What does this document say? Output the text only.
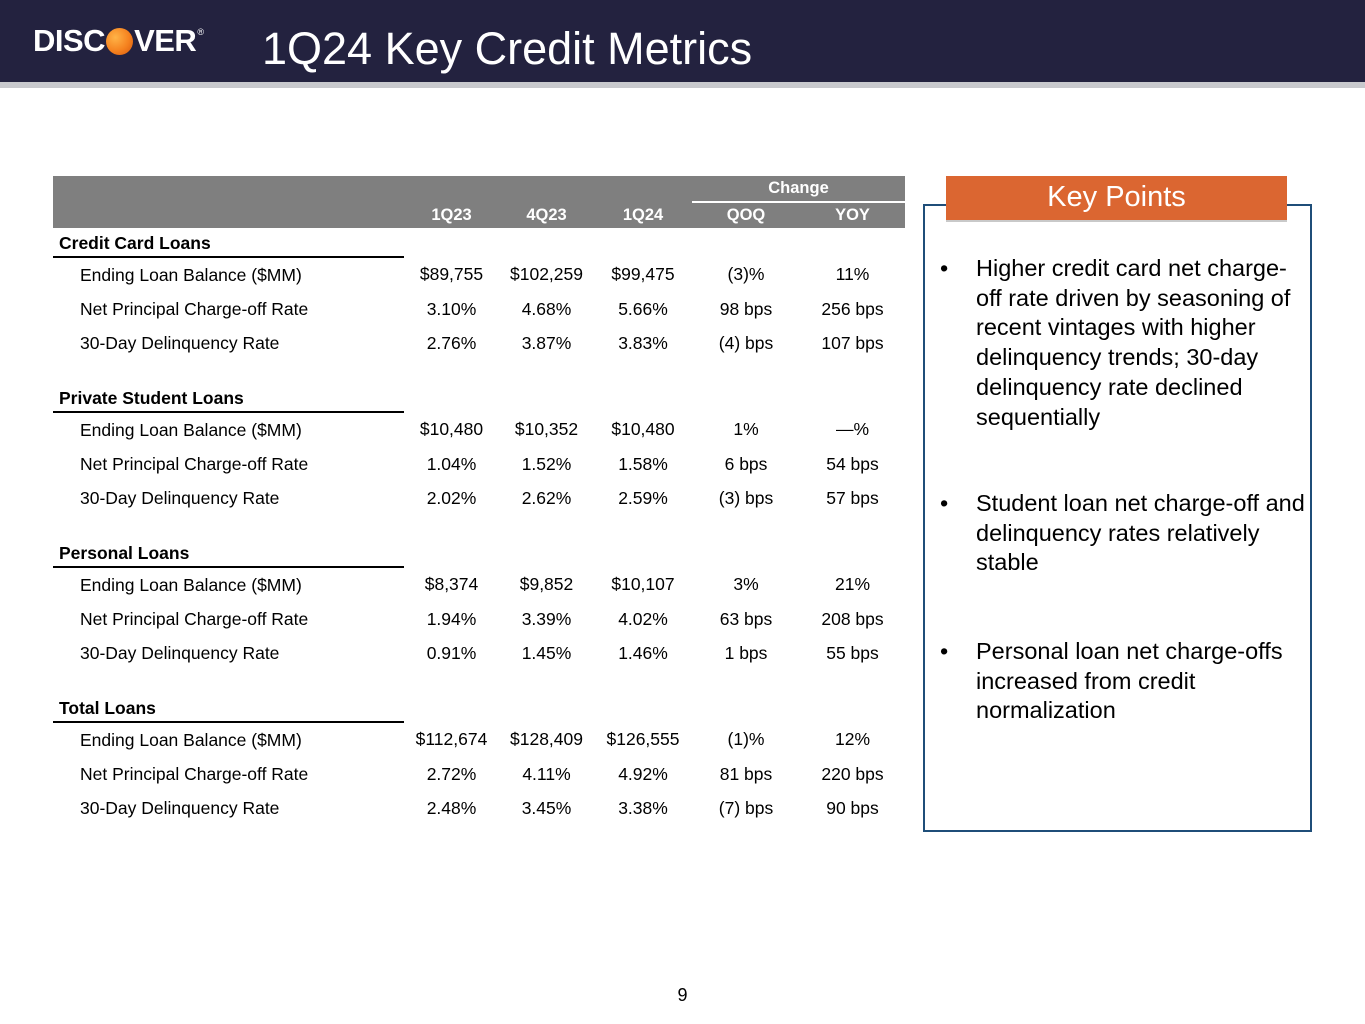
DISC VER ® 1Q24 Key Credit Metrics
				Change	
	1Q23	4Q23	1Q24	QOQ	YOY
Credit Card Loans					
Ending Loan Balance ($MM)	$89,755	$102,259	$99,475	(3)%	11%
Net Principal Charge-off Rate	3.10%	4.68%	5.66%	98 bps	256 bps
30-Day Delinquency Rate	2.76%	3.87%	3.83%	(4) bps	107 bps

Private Student Loans					
Ending Loan Balance ($MM)	$10,480	$10,352	$10,480	1%	—%
Net Principal Charge-off Rate	1.04%	1.52%	1.58%	6 bps	54 bps
30-Day Delinquency Rate	2.02%	2.62%	2.59%	(3) bps	57 bps

Personal Loans					
Ending Loan Balance ($MM)	$8,374	$9,852	$10,107	3%	21%
Net Principal Charge-off Rate	1.94%	3.39%	4.02%	63 bps	208 bps
30-Day Delinquency Rate	0.91%	1.45%	1.46%	1 bps	55 bps

Total Loans					
Ending Loan Balance ($MM)	$112,674	$128,409	$126,555	(1)%	12%
Net Principal Charge-off Rate	2.72%	4.11%	4.92%	81 bps	220 bps
30-Day Delinquency Rate	2.48%	3.45%	3.38%	(7) bps	90 bps
Key Points
•	Higher credit card net charge-off rate driven by seasoning of recent vintages with higher delinquency trends; 30-day delinquency rate declined sequentially
•	Student loan net charge-off and delinquency rates relatively stable
•	Personal loan net charge-offs increased from credit normalization
9
